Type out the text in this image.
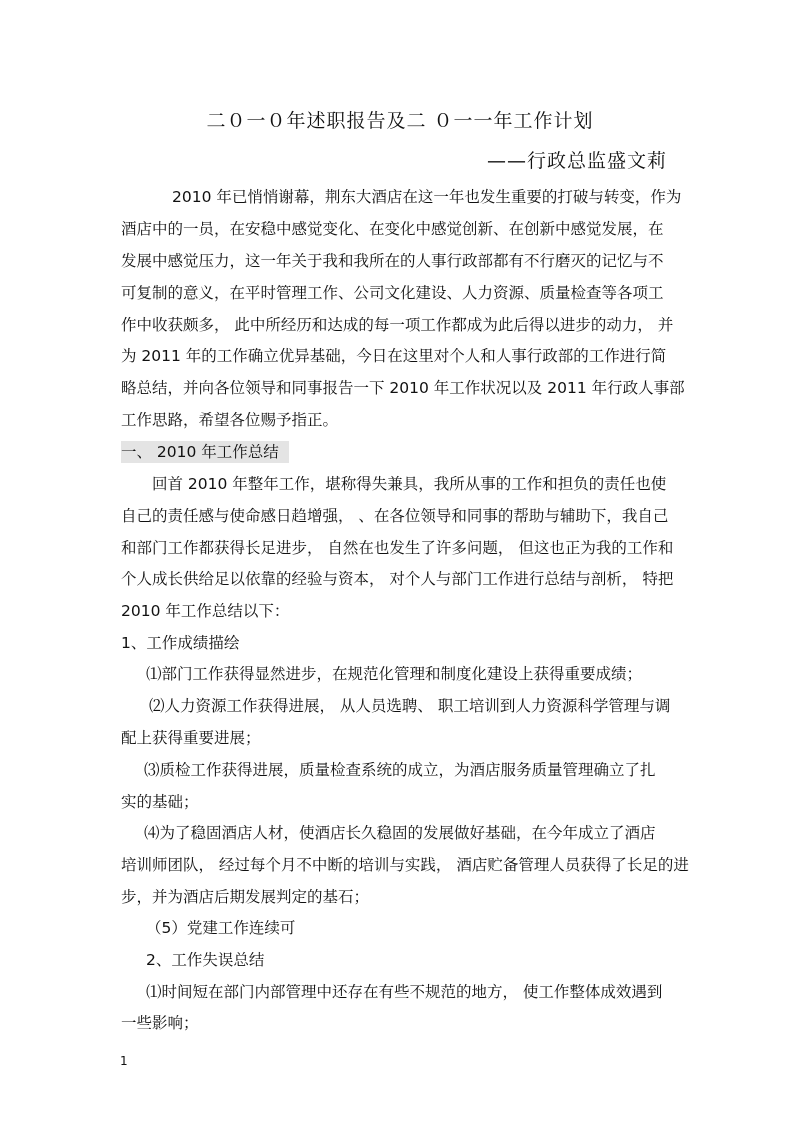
二０一０年述职报告及二 ０一一年工作计划
——行政总监盛文莉
2010 年已悄悄谢幕，荆东大酒店在这一年也发生重要的打破与转变，作为
酒店中的一员，在安稳中感觉变化、在变化中感觉创新、在创新中感觉发展，在
发展中感觉压力，这一年关于我和我所在的人事行政部都有不行磨灭的记忆与不
可复制的意义，在平时管理工作、公司文化建设、人力资源、质量检查等各项工
作中收获颇多， 此中所经历和达成的每一项工作都成为此后得以进步的动力， 并
为 2011 年的工作确立优异基础，今日在这里对个人和人事行政部的工作进行简
略总结，并向各位领导和同事报告一下 2010 年工作状况以及 2011 年行政人事部
工作思路，希望各位赐予指正。
一、 2010 年工作总结
回首 2010 年整年工作，堪称得失兼具，我所从事的工作和担负的责任也使
自己的责任感与使命感日趋增强， 、在各位领导和同事的帮助与辅助下，我自己
和部门工作都获得长足进步， 自然在也发生了许多问题， 但这也正为我的工作和
个人成长供给足以依靠的经验与资本， 对个人与部门工作进行总结与剖析， 特把
2010 年工作总结以下：
1、工作成绩描绘
⑴部门工作获得显然进步，在规范化管理和制度化建设上获得重要成绩；
⑵人力资源工作获得进展， 从人员选聘、 职工培训到人力资源科学管理与调
配上获得重要进展；
⑶质检工作获得进展，质量检查系统的成立，为酒店服务质量管理确立了扎
实的基础；
⑷为了稳固酒店人材，使酒店长久稳固的发展做好基础，在今年成立了酒店
培训师团队， 经过每个月不中断的培训与实践， 酒店贮备管理人员获得了长足的进
步，并为酒店后期发展判定的基石；
（5）党建工作连续可
2、工作失误总结
⑴时间短在部门内部管理中还存在有些不规范的地方， 使工作整体成效遇到
一些影响；
1
